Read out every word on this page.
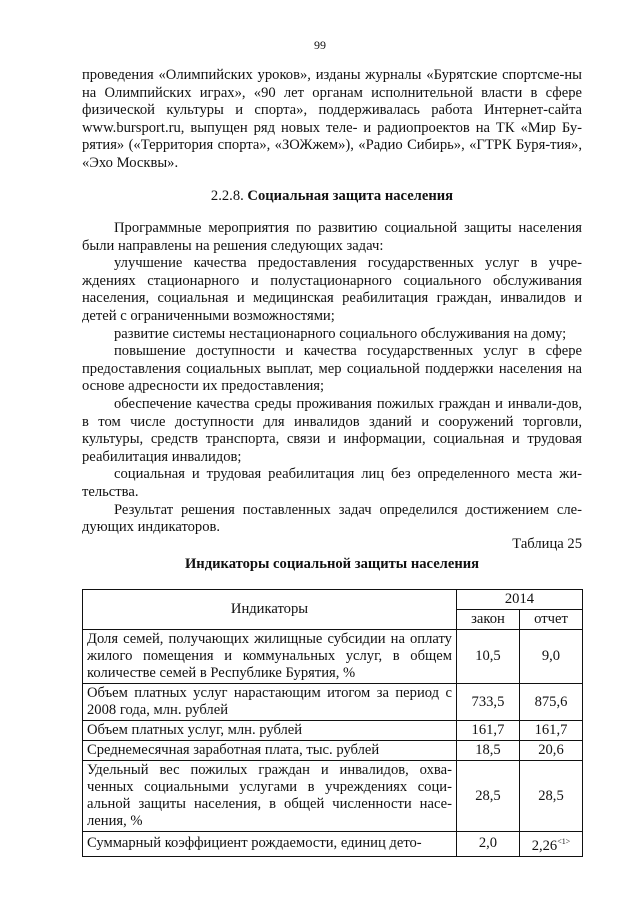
99

проведения «Олимпийских уроков», изданы журналы «Бурятские спортсме-ны на Олимпийских играх», «90 лет органам исполнительной власти в сфере физической культуры и спорта», поддерживалась работа Интернет-сайта www.bursport.ru, выпущен ряд новых теле- и радиопроектов на ТК «Мир Бу-рятия» («Территория спорта», «ЗОЖжем»), «Радио Сибирь», «ГТРК Буря-тия», «Эхо Москвы».

2.2.8. Социальная защита населения

Программные мероприятия по развитию социальной защиты населения были направлены на решения следующих задач:

улучшение качества предоставления государственных услуг в учре-ждениях стационарного и полустационарного социального обслуживания населения, социальная и медицинская реабилитация граждан, инвалидов и детей с ограниченными возможностями;

развитие системы нестационарного социального обслуживания на дому;

повышение доступности и качества государственных услуг в сфере предоставления социальных выплат, мер социальной поддержки населения на основе адресности их предоставления;

обеспечение качества среды проживания пожилых граждан и инвали-дов, в том числе доступности для инвалидов зданий и сооружений торговли, культуры, средств транспорта, связи и информации, социальная и трудовая реабилитация инвалидов;

социальная и трудовая реабилитация лиц без определенного места жи-тельства.

Результат решения поставленных задач определился достижением сле-дующих индикаторов.

Таблица 25
Индикаторы социальной защиты населения
Индикаторы	2014	
	закон	отчет
Доля семей, получающих жилищные субсидии на оплату жилого помещения и коммунальных услуг, в общем количестве семей в Республике Бурятия, %	10,5	9,0
Объем платных услуг нарастающим итогом за период с 2008 года, млн. рублей	733,5	875,6
Объем платных услуг, млн. рублей	161,7	161,7
Среднемесячная заработная плата, тыс. рублей	18,5	20,6
Удельный вес пожилых граждан и инвалидов, охва-ченных социальными услугами в учреждениях соци-альной защиты населения, в общей численности насе-ления, %	28,5	28,5
Суммарный коэффициент рождаемости, единиц дето-	2,0	2,26$^{<1>}$
